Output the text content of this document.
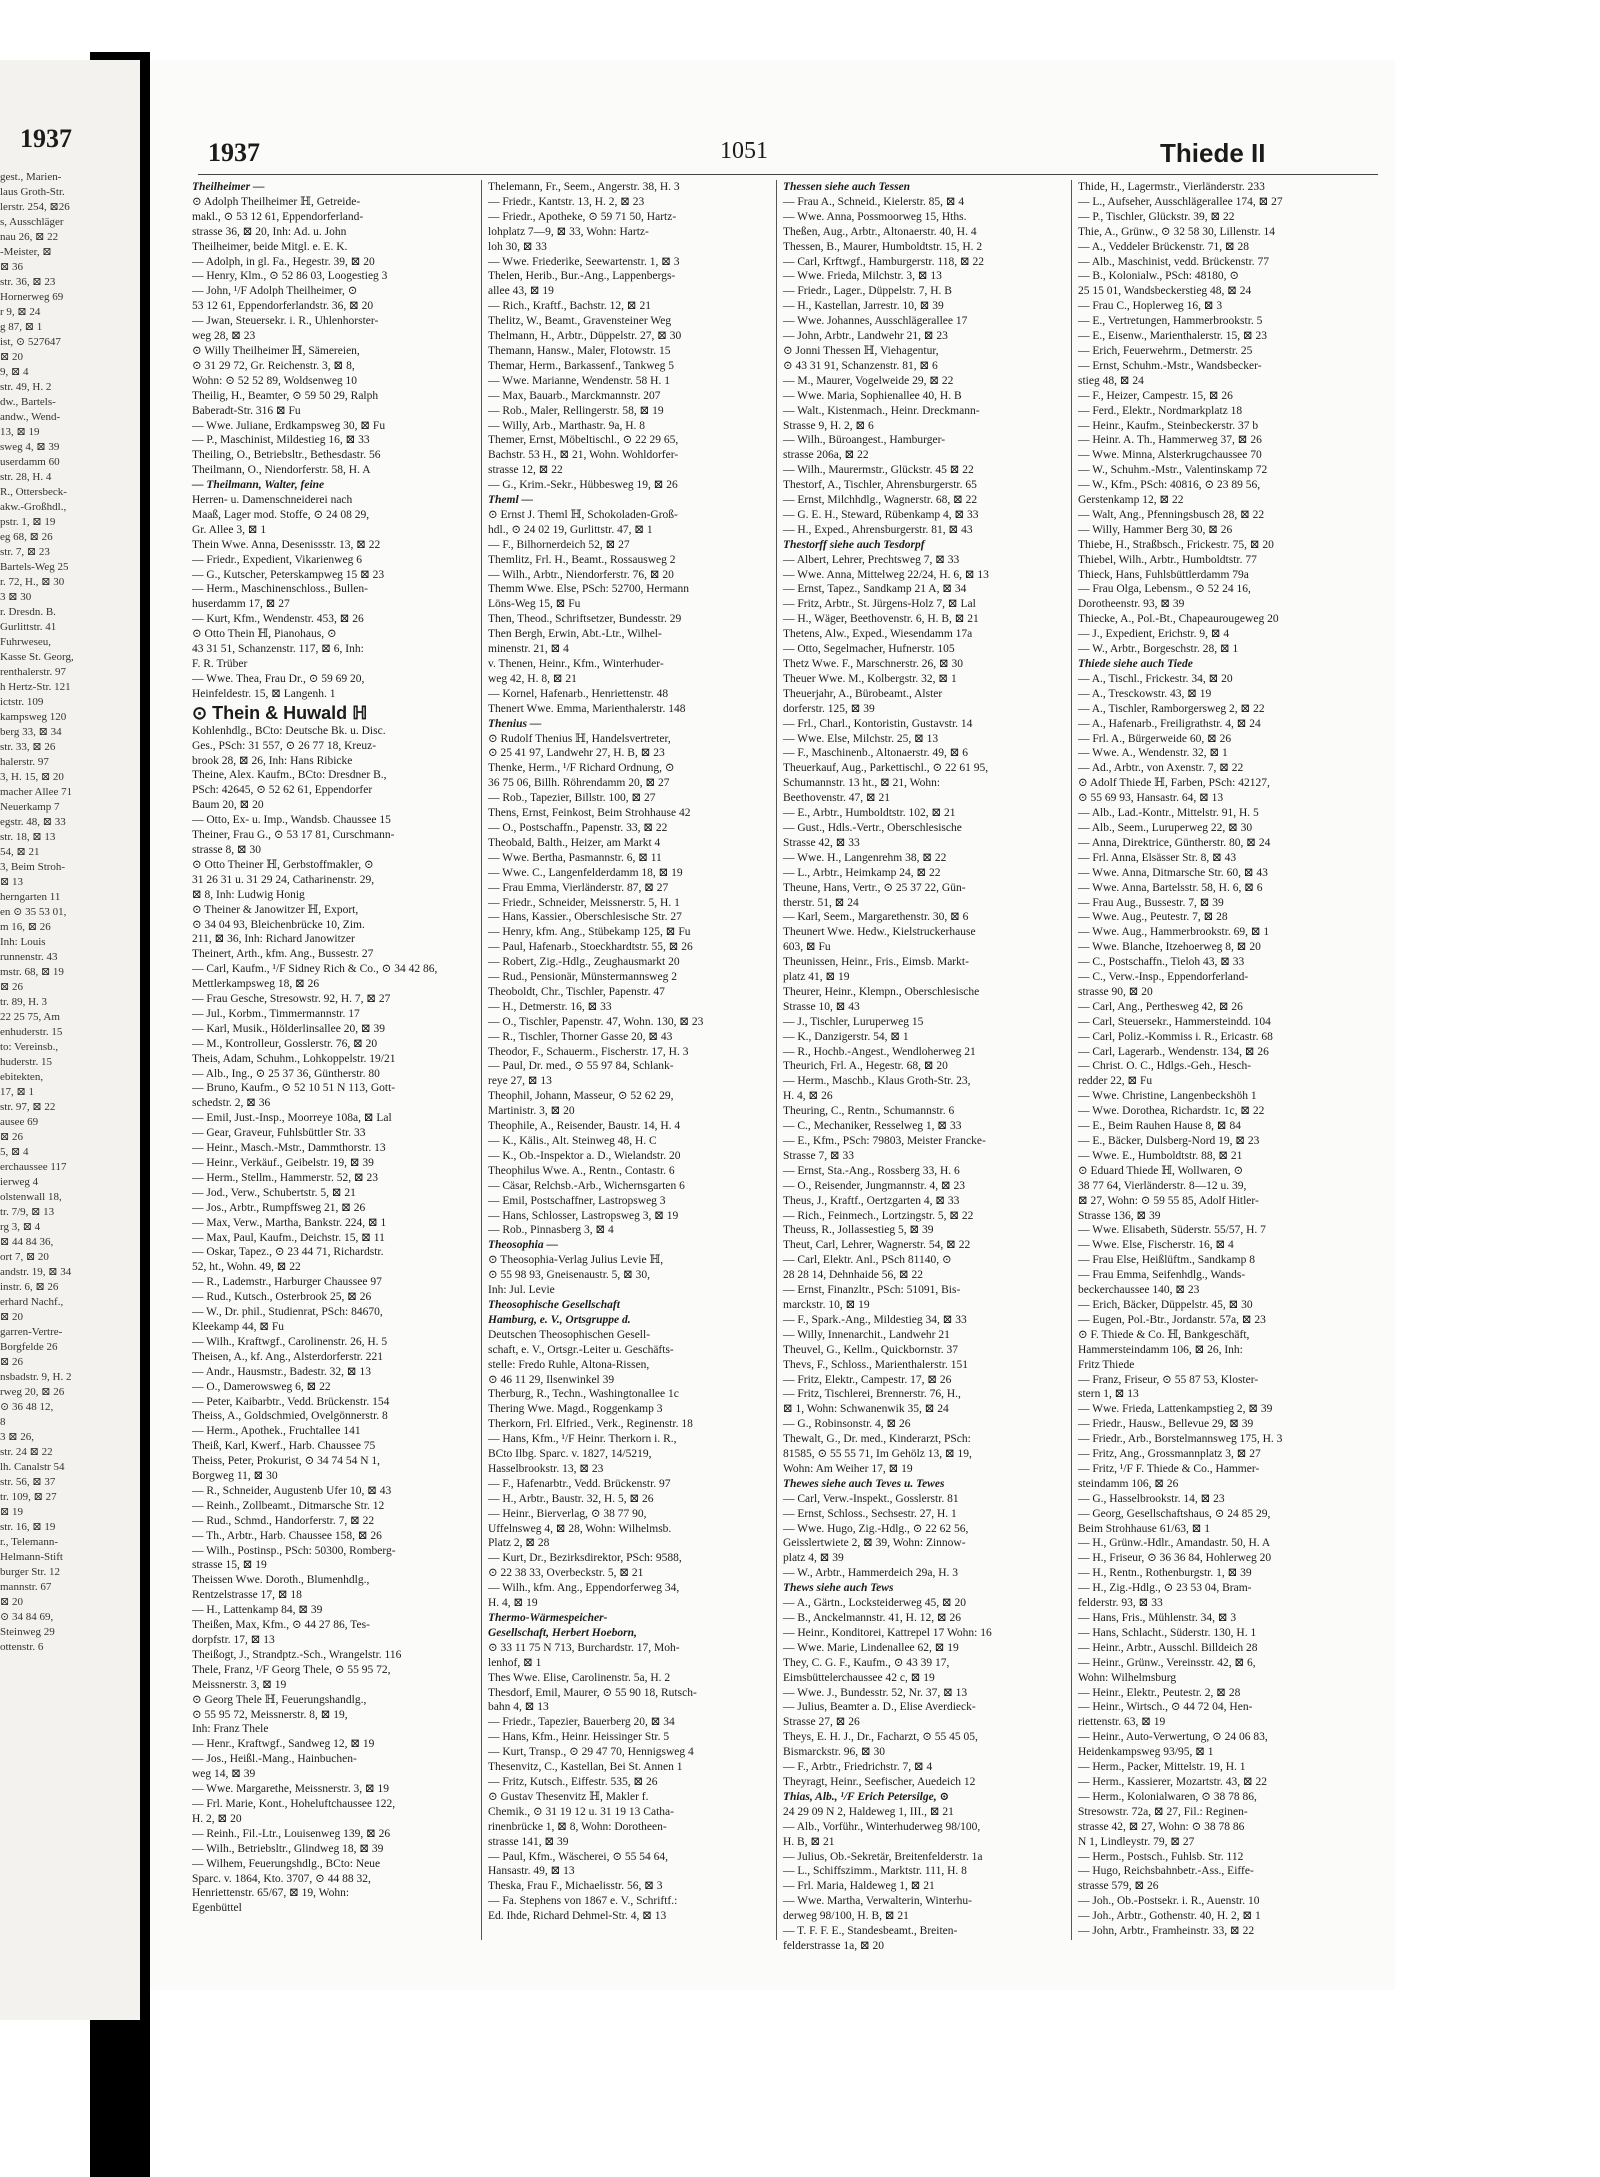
1937
gest., Marien-
laus Groth-Str.
lerstr. 254, ⊠26
s, Ausschläger
nau 26, ⊠ 22
-Meister, ⊠
⊠ 36
str. 36, ⊠ 23
Hornerweg 69
r 9, ⊠ 24
g 87, ⊠ 1
ist, ⊙ 527647
⊠ 20
9, ⊠ 4
str. 49, H. 2
dw., Bartels-
andw., Wend-
13, ⊠ 19
sweg 4, ⊠ 39
userdamm 60
str. 28, H. 4
R., Ottersbeck-
akw.-Großhdl.,
pstr. 1, ⊠ 19
eg 68, ⊠ 26
str. 7, ⊠ 23
Bartels-Weg 25
r. 72, H., ⊠ 30
3 ⊠ 30
r. Dresdn. B.
Gurlittstr. 41
Fuhrweseu,
Kasse St. Georg,
renthalerstr. 97
h Hertz-Str. 121
ictstr. 109
kampsweg 120
berg 33, ⊠ 34
str. 33, ⊠ 26
halerstr. 97
3, H. 15, ⊠ 20
macher Allee 71
Neuerkamp 7
egstr. 48, ⊠ 33
str. 18, ⊠ 13
54, ⊠ 21
3, Beim Stroh-
⊠ 13
herngarten 11
en ⊙ 35 53 01,
m 16, ⊠ 26
Inh: Louis
runnenstr. 43
mstr. 68, ⊠ 19
⊠ 26
tr. 89, H. 3
22 25 75, Am
enhuderstr. 15
to: Vereinsb.,
huderstr. 15
ebitekten,
17, ⊠ 1
str. 97, ⊠ 22
ausee 69
⊠ 26
5, ⊠ 4
erchaussee 117
ierweg 4
olstenwall 18,
tr. 7/9, ⊠ 13
rg 3, ⊠ 4
⊠ 44 84 36,
ort 7, ⊠ 20
andstr. 19, ⊠ 34
instr. 6, ⊠ 26
erhard Nachf.,
⊠ 20
garren-Vertre-
Borgfelde 26
⊠ 26
nsbadstr. 9, H. 2
rweg 20, ⊠ 26
⊙ 36 48 12,
8
3 ⊠ 26,
str. 24 ⊠ 22
lh. Canalstr 54
str. 56, ⊠ 37
tr. 109, ⊠ 27
⊠ 19
str. 16, ⊠ 19
r., Telemann-
Helmann-Stift
burger Str. 12
mannstr. 67
⊠ 20
⊙ 34 84 69,
Steinweg 29
ottenstr. 6
1937	1051	Thiede II
Theilheimer —
⊙ Adolph Theilheimer ℍ, Getreide-
makl., ⊙ 53 12 61, Eppendorferland-
strasse 36, ⊠ 20, Inh: Ad. u. John
Theilheimer, beide Mitgl. e. E. K.
— Adolph, in gl. Fa., Hegestr. 39, ⊠ 20
— Henry, Klm., ⊙ 52 86 03, Loogestieg 3
— John, ¹/F Adolph Theilheimer, ⊙
53 12 61, Eppendorferlandstr. 36, ⊠ 20
— Jwan, Steuersekr. i. R., Uhlenhorster-
weg 28, ⊠ 23
⊙ Willy Theilheimer ℍ, Sämereien,
⊙ 31 29 72, Gr. Reichenstr. 3, ⊠ 8,
Wohn: ⊙ 52 52 89, Woldsenweg 10
Theilig, H., Beamter, ⊙ 59 50 29, Ralph
Baberadt-Str. 316 ⊠ Fu
— Wwe. Juliane, Erdkampsweg 30, ⊠ Fu
— P., Maschinist, Mildestieg 16, ⊠ 33
Theiling, O., Betriebsltr., Bethesdastr. 56
Theilmann, O., Niendorferstr. 58, H. A
— Theilmann, Walter, feine
Herren- u. Damenschneiderei nach
Maaß, Lager mod. Stoffe, ⊙ 24 08 29,
Gr. Allee 3, ⊠ 1
Thein Wwe. Anna, Desenissstr. 13, ⊠ 22
— Friedr., Expedient, Vikarienweg 6
— G., Kutscher, Peterskampweg 15 ⊠ 23
— Herm., Maschinenschloss., Bullen-
huserdamm 17, ⊠ 27
— Kurt, Kfm., Wendenstr. 453, ⊠ 26
⊙ Otto Thein ℍ, Pianohaus, ⊙
43 31 51, Schanzenstr. 117, ⊠ 6, Inh:
F. R. Trüber
— Wwe. Thea, Frau Dr., ⊙ 59 69 20,
Heinfeldestr. 15, ⊠ Langenh. 1
⊙ Thein & Huwald ℍ
Kohlenhdlg., BCto: Deutsche Bk. u. Disc.
Ges., PSch: 31 557, ⊙ 26 77 18, Kreuz-
brook 28, ⊠ 26, Inh: Hans Ribicke
Theine, Alex. Kaufm., BCto: Dresdner B.,
PSch: 42645, ⊙ 52 62 61, Eppendorfer
Baum 20, ⊠ 20
— Otto, Ex- u. Imp., Wandsb. Chaussee 15
Theiner, Frau G., ⊙ 53 17 81, Curschmann-
strasse 8, ⊠ 30
⊙ Otto Theiner ℍ, Gerbstoffmakler, ⊙
31 26 31 u. 31 29 24, Catharinenstr. 29,
⊠ 8, Inh: Ludwig Honig
⊙ Theiner & Janowitzer ℍ, Export,
⊙ 34 04 93, Bleichenbrücke 10, Zim.
211, ⊠ 36, Inh: Richard Janowitzer
Theinert, Arth., kfm. Ang., Bussestr. 27
— Carl, Kaufm., ¹/F Sidney Rich & Co., ⊙ 34 42 86,
Mettlerkampsweg 18, ⊠ 26
— Frau Gesche, Stresowstr. 92, H. 7, ⊠ 27
— Jul., Korbm., Timmermannstr. 17
— Karl, Musik., Hölderlinsallee 20, ⊠ 39
— M., Kontrolleur, Gosslerstr. 76, ⊠ 20
Theis, Adam, Schuhm., Lohkoppelstr. 19/21
— Alb., Ing., ⊙ 25 37 36, Güntherstr. 80
— Bruno, Kaufm., ⊙ 52 10 51 N 113, Gott-
schedstr. 2, ⊠ 36
— Emil, Just.-Insp., Moorreye 108a, ⊠ Lal
— Gear, Graveur, Fuhlsbüttler Str. 33
— Heinr., Masch.-Mstr., Dammthorstr. 13
— Heinr., Verkäuf., Geibelstr. 19, ⊠ 39
— Herm., Stellm., Hammerstr. 52, ⊠ 23
— Jod., Verw., Schubertstr. 5, ⊠ 21
— Jos., Arbtr., Rumpffsweg 21, ⊠ 26
— Max, Verw., Martha, Bankstr. 224, ⊠ 1
— Max, Paul, Kaufm., Deichstr. 15, ⊠ 11
— Oskar, Tapez., ⊙ 23 44 71, Richardstr.
52, ht., Wohn. 49, ⊠ 22
— R., Lademstr., Harburger Chaussee 97
— Rud., Kutsch., Osterbrook 25, ⊠ 26
— W., Dr. phil., Studienrat, PSch: 84670,
Kleekamp 44, ⊠ Fu
— Wilh., Kraftwgf., Carolinenstr. 26, H. 5
Theisen, A., kf. Ang., Alsterdorferstr. 221
— Andr., Hausmstr., Badestr. 32, ⊠ 13
— O., Damerowsweg 6, ⊠ 22
— Peter, Kaibarbtr., Vedd. Brückenstr. 154
Theiss, A., Goldschmied, Ovelgönnerstr. 8
— Herm., Apothek., Fruchtallee 141
Theiß, Karl, Kwerf., Harb. Chaussee 75
Theiss, Peter, Prokurist, ⊙ 34 74 54 N 1,
Borgweg 11, ⊠ 30
— R., Schneider, Augustenb Ufer 10, ⊠ 43
— Reinh., Zollbeamt., Ditmarsche Str. 12
— Rud., Schmd., Handorferstr. 7, ⊠ 22
— Th., Arbtr., Harb. Chaussee 158, ⊠ 26
— Wilh., Postinsp., PSch: 50300, Romberg-
strasse 15, ⊠ 19
Theissen Wwe. Doroth., Blumenhdlg.,
Rentzelstrasse 17, ⊠ 18
— H., Lattenkamp 84, ⊠ 39
Theißen, Max, Kfm., ⊙ 44 27 86, Tes-
dorpfstr. 17, ⊠ 13
Theißogt, J., Strandptz.-Sch., Wrangelstr. 116
Thele, Franz, ¹/F Georg Thele, ⊙ 55 95 72,
Meissnerstr. 3, ⊠ 19
⊙ Georg Thele ℍ, Feuerungshandlg.,
⊙ 55 95 72, Meissnerstr. 8, ⊠ 19,
Inh: Franz Thele
— Henr., Kraftwgf., Sandweg 12, ⊠ 19
— Jos., Heißl.-Mang., Hainbuchen-
weg 14, ⊠ 39
— Wwe. Margarethe, Meissnerstr. 3, ⊠ 19
— Frl. Marie, Kont., Hoheluftchaussee 122,
H. 2, ⊠ 20
— Reinh., Fil.-Ltr., Louisenweg 139, ⊠ 26
— Wilh., Betriebsltr., Glindweg 18, ⊠ 39
— Wilhem, Feuerungshdlg., BCto: Neue
Sparc. v. 1864, Kto. 3707, ⊙ 44 88 32,
Henriettenstr. 65/67, ⊠ 19, Wohn:
Egenbüttel
Thelemann, Fr., Seem., Angerstr. 38, H. 3
— Friedr., Kantstr. 13, H. 2, ⊠ 23
— Friedr., Apotheke, ⊙ 59 71 50, Hartz-
lohplatz 7—9, ⊠ 33, Wohn: Hartz-
loh 30, ⊠ 33
— Wwe. Friederike, Seewartenstr. 1, ⊠ 3
Thelen, Herib., Bur.-Ang., Lappenbergs-
allee 43, ⊠ 19
— Rich., Kraftf., Bachstr. 12, ⊠ 21
Thelitz, W., Beamt., Gravensteiner Weg
Thelmann, H., Arbtr., Düppelstr. 27, ⊠ 30
Themann, Hansw., Maler, Flotowstr. 15
Themar, Herm., Barkassenf., Tankweg 5
— Wwe. Marianne, Wendenstr. 58 H. 1
— Max, Bauarb., Marckmannstr. 207
— Rob., Maler, Rellingerstr. 58, ⊠ 19
— Willy, Arb., Marthastr. 9a, H. 8
Themer, Ernst, Möbeltischl., ⊙ 22 29 65,
Bachstr. 53 H., ⊠ 21, Wohn. Wohldorfer-
strasse 12, ⊠ 22
— G., Krim.-Sekr., Hübbesweg 19, ⊠ 26
Theml —
⊙ Ernst J. Theml ℍ, Schokoladen-Groß-
hdl., ⊙ 24 02 19, Gurlittstr. 47, ⊠ 1
— F., Bilhornerdeich 52, ⊠ 27
Themlitz, Frl. H., Beamt., Rossausweg 2
— Wilh., Arbtr., Niendorferstr. 76, ⊠ 20
Themm Wwe. Else, PSch: 52700, Hermann
Löns-Weg 15, ⊠ Fu
Then, Theod., Schriftsetzer, Bundesstr. 29
Then Bergh, Erwin, Abt.-Ltr., Wilhel-
minenstr. 21, ⊠ 4
v. Thenen, Heinr., Kfm., Winterhuder-
weg 42, H. 8, ⊠ 21
— Kornel, Hafenarb., Henriettenstr. 48
Thenert Wwe. Emma, Marienthalerstr. 148
Thenius —
⊙ Rudolf Thenius ℍ, Handelsvertreter,
⊙ 25 41 97, Landwehr 27, H. B, ⊠ 23
Thenke, Herm., ¹/F Richard Ordnung, ⊙
36 75 06, Billh. Röhrendamm 20, ⊠ 27
— Rob., Tapezier, Billstr. 100, ⊠ 27
Thens, Ernst, Feinkost, Beim Strohhause 42
— O., Postschaffn., Papenstr. 33, ⊠ 22
Theobald, Balth., Heizer, am Markt 4
— Wwe. Bertha, Pasmannstr. 6, ⊠ 11
— Wwe. C., Langenfelderdamm 18, ⊠ 19
— Frau Emma, Vierländerstr. 87, ⊠ 27
— Friedr., Schneider, Meissnerstr. 5, H. 1
— Hans, Kassier., Oberschlesische Str. 27
— Henry, kfm. Ang., Stübekamp 125, ⊠ Fu
— Paul, Hafenarb., Stoeckhardtstr. 55, ⊠ 26
— Robert, Zig.-Hdlg., Zeughausmarkt 20
— Rud., Pensionär, Münstermannsweg 2
Theoboldt, Chr., Tischler, Papenstr. 47
— H., Detmerstr. 16, ⊠ 33
— O., Tischler, Papenstr. 47, Wohn. 130, ⊠ 23
— R., Tischler, Thorner Gasse 20, ⊠ 43
Theodor, F., Schauerm., Fischerstr. 17, H. 3
— Paul, Dr. med., ⊙ 55 97 84, Schlank-
reye 27, ⊠ 13
Theophil, Johann, Masseur, ⊙ 52 62 29,
Martinistr. 3, ⊠ 20
Theophile, A., Reisender, Baustr. 14, H. 4
— K., Kälis., Alt. Steinweg 48, H. C
— K., Ob.-Inspektor a. D., Wielandstr. 20
Theophilus Wwe. A., Rentn., Contastr. 6
— Cäsar, Relchsb.-Arb., Wichernsgarten 6
— Emil, Postschaffner, Lastropsweg 3
— Hans, Schlosser, Lastropsweg 3, ⊠ 19
— Rob., Pinnasberg 3, ⊠ 4
Theosophia —
⊙ Theosophia-Verlag Julius Levie ℍ,
⊙ 55 98 93, Gneisenaustr. 5, ⊠ 30,
Inh: Jul. Levie
Theosophische Gesellschaft
Hamburg, e. V., Ortsgruppe d.
Deutschen Theosophischen Gesell-
schaft, e. V., Ortsgr.-Leiter u. Geschäfts-
stelle: Fredo Ruhle, Altona-Rissen,
⊙ 46 11 29, Ilsenwinkel 39
Therburg, R., Techn., Washingtonallee 1c
Thering Wwe. Magd., Roggenkamp 3
Therkorn, Frl. Elfried., Verk., Reginenstr. 18
— Hans, Kfm., ¹/F Heinr. Therkorn i. R.,
BCto Ilbg. Sparc. v. 1827, 14/5219,
Hasselbrookstr. 13, ⊠ 23
— F., Hafenarbtr., Vedd. Brückenstr. 97
— H., Arbtr., Baustr. 32, H. 5, ⊠ 26
— Heinr., Bierverlag, ⊙ 38 77 90,
Uffelnsweg 4, ⊠ 28, Wohn: Wilhelmsb.
Platz 2, ⊠ 28
— Kurt, Dr., Bezirksdirektor, PSch: 9588,
⊙ 22 38 33, Overbeckstr. 5, ⊠ 21
— Wilh., kfm. Ang., Eppendorferweg 34,
H. 4, ⊠ 19
Thermo-Wärmespeicher-
Gesellschaft, Herbert Hoeborn,
⊙ 33 11 75 N 713, Burchardstr. 17, Moh-
lenhof, ⊠ 1
Thes Wwe. Elise, Carolinenstr. 5a, H. 2
Thesdorf, Emil, Maurer, ⊙ 55 90 18, Rutsch-
bahn 4, ⊠ 13
— Friedr., Tapezier, Bauerberg 20, ⊠ 34
— Hans, Kfm., Heinr. Heissinger Str. 5
— Kurt, Transp., ⊙ 29 47 70, Hennigsweg 4
Thesenvitz, C., Kastellan, Bei St. Annen 1
— Fritz, Kutsch., Eiffestr. 535, ⊠ 26
⊙ Gustav Thesenvitz ℍ, Makler f.
Chemik., ⊙ 31 19 12 u. 31 19 13 Catha-
rinenbrücke 1, ⊠ 8, Wohn: Dorotheen-
strasse 141, ⊠ 39
— Paul, Kfm., Wäscherei, ⊙ 55 54 64,
Hansastr. 49, ⊠ 13
Theska, Frau F., Michaelisstr. 56, ⊠ 3
— Fa. Stephens von 1867 e. V., Schriftf.:
Ed. Ihde, Richard Dehmel-Str. 4, ⊠ 13
Thessen siehe auch Tessen
— Frau A., Schneid., Kielerstr. 85, ⊠ 4
— Wwe. Anna, Possmoorweg 15, Hths.
Theßen, Aug., Arbtr., Altonaerstr. 40, H. 4
Thessen, B., Maurer, Humboldtstr. 15, H. 2
— Carl, Krftwgf., Hamburgerstr. 118, ⊠ 22
— Wwe. Frieda, Milchstr. 3, ⊠ 13
— Friedr., Lager., Düppelstr. 7, H. B
— H., Kastellan, Jarrestr. 10, ⊠ 39
— Wwe. Johannes, Ausschlägerallee 17
— John, Arbtr., Landwehr 21, ⊠ 23
⊙ Jonni Thessen ℍ, Viehagentur,
⊙ 43 31 91, Schanzenstr. 81, ⊠ 6
— M., Maurer, Vogelweide 29, ⊠ 22
— Wwe. Maria, Sophienallee 40, H. B
— Walt., Kistenmach., Heinr. Dreckmann-
Strasse 9, H. 2, ⊠ 6
— Wilh., Büroangest., Hamburger-
strasse 206a, ⊠ 22
— Wilh., Maurermstr., Glückstr. 45 ⊠ 22
Thestorf, A., Tischler, Ahrensburgerstr. 65
— Ernst, Milchhdlg., Wagnerstr. 68, ⊠ 22
— G. E. H., Steward, Rübenkamp 4, ⊠ 33
— H., Exped., Ahrensburgerstr. 81, ⊠ 43
Thestorff siehe auch Tesdorpf
— Albert, Lehrer, Prechtsweg 7, ⊠ 33
— Wwe. Anna, Mittelweg 22/24, H. 6, ⊠ 13
— Ernst, Tapez., Sandkamp 21 A, ⊠ 34
— Fritz, Arbtr., St. Jürgens-Holz 7, ⊠ Lal
— H., Wäger, Beethovenstr. 6, H. B, ⊠ 21
Thetens, Alw., Exped., Wiesendamm 17a
— Otto, Segelmacher, Hufnerstr. 105
Thetz Wwe. F., Marschnerstr. 26, ⊠ 30
Theuer Wwe. M., Kolbergstr. 32, ⊠ 1
Theuerjahr, A., Bürobeamt., Alster
dorferstr. 125, ⊠ 39
— Frl., Charl., Kontoristin, Gustavstr. 14
— Wwe. Else, Milchstr. 25, ⊠ 13
— F., Maschinenb., Altonaerstr. 49, ⊠ 6
Theuerkauf, Aug., Parkettischl., ⊙ 22 61 95,
Schumannstr. 13 ht., ⊠ 21, Wohn:
Beethovenstr. 47, ⊠ 21
— E., Arbtr., Humboldtstr. 102, ⊠ 21
— Gust., Hdls.-Vertr., Oberschlesische
Strasse 42, ⊠ 33
— Wwe. H., Langenrehm 38, ⊠ 22
— L., Arbtr., Heimkamp 24, ⊠ 22
Theune, Hans, Vertr., ⊙ 25 37 22, Gün-
therstr. 51, ⊠ 24
— Karl, Seem., Margarethenstr. 30, ⊠ 6
Theunert Wwe. Hedw., Kielstruckerhause
603, ⊠ Fu
Theunissen, Heinr., Fris., Eimsb. Markt-
platz 41, ⊠ 19
Theurer, Heinr., Klempn., Oberschlesische
Strasse 10, ⊠ 43
— J., Tischler, Luruperweg 15
— K., Danzigerstr. 54, ⊠ 1
— R., Hochb.-Angest., Wendloherweg 21
Theurich, Frl. A., Hegestr. 68, ⊠ 20
— Herm., Maschb., Klaus Groth-Str. 23,
H. 4, ⊠ 26
Theuring, C., Rentn., Schumannstr. 6
— C., Mechaniker, Resselweg 1, ⊠ 33
— E., Kfm., PSch: 79803, Meister Francke-
Strasse 7, ⊠ 33
— Ernst, Sta.-Ang., Rossberg 33, H. 6
— O., Reisender, Jungmannstr. 4, ⊠ 23
Theus, J., Kraftf., Oertzgarten 4, ⊠ 33
— Rich., Feinmech., Lortzingstr. 5, ⊠ 22
Theuss, R., Jollassestieg 5, ⊠ 39
Theut, Carl, Lehrer, Wagnerstr. 54, ⊠ 22
— Carl, Elektr. Anl., PSch 81140, ⊙
28 28 14, Dehnhaide 56, ⊠ 22
— Ernst, Finanzltr., PSch: 51091, Bis-
marckstr. 10, ⊠ 19
— F., Spark.-Ang., Mildestieg 34, ⊠ 33
— Willy, Innenarchit., Landwehr 21
Theuvel, G., Kellm., Quickbornstr. 37
Thevs, F., Schloss., Marienthalerstr. 151
— Fritz, Elektr., Campestr. 17, ⊠ 26
— Fritz, Tischlerei, Brennerstr. 76, H.,
⊠ 1, Wohn: Schwanenwik 35, ⊠ 24
— G., Robinsonstr. 4, ⊠ 26
Thewalt, G., Dr. med., Kinderarzt, PSch:
81585, ⊙ 55 55 71, Im Gehölz 13, ⊠ 19,
Wohn: Am Weiher 17, ⊠ 19
Thewes siehe auch Teves u. Tewes
— Carl, Verw.-Inspekt., Gosslerstr. 81
— Ernst, Schloss., Sechsestr. 27, H. 1
— Wwe. Hugo, Zig.-Hdlg., ⊙ 22 62 56,
Geisslertwiete 2, ⊠ 39, Wohn: Zinnow-
platz 4, ⊠ 39
— W., Arbtr., Hammerdeich 29a, H. 3
Thews siehe auch Tews
— A., Gärtn., Locksteiderweg 45, ⊠ 20
— B., Anckelmannstr. 41, H. 12, ⊠ 26
— Heinr., Konditorei, Kattrepel 17 Wohn: 16
— Wwe. Marie, Lindenallee 62, ⊠ 19
They, C. G. F., Kaufm., ⊙ 43 39 17,
Eimsbüttelerchaussee 42 c, ⊠ 19
— Wwe. J., Bundesstr. 52, Nr. 37, ⊠ 13
— Julius, Beamter a. D., Elise Averdieck-
Strasse 27, ⊠ 26
Theys, E. H. J., Dr., Facharzt, ⊙ 55 45 05,
Bismarckstr. 96, ⊠ 30
— F., Arbtr., Friedrichstr. 7, ⊠ 4
Theyragt, Heinr., Seefischer, Auedeich 12
Thias, Alb., ¹/F Erich Petersilge, ⊙
24 29 09 N 2, Haldeweg 1, III., ⊠ 21
— Alb., Vorführ., Winterhuderweg 98/100,
H. B, ⊠ 21
— Julius, Ob.-Sekretär, Breitenfelderstr. 1a
— L., Schiffszimm., Marktstr. 111, H. 8
— Frl. Maria, Haldeweg 1, ⊠ 21
— Wwe. Martha, Verwalterin, Winterhu-
derweg 98/100, H. B, ⊠ 21
— T. F. F. E., Standesbeamt., Breiten-
felderstrasse 1a, ⊠ 20
Thide, H., Lagermstr., Vierländerstr. 233
— L., Aufseher, Ausschlägerallee 174, ⊠ 27
— P., Tischler, Glückstr. 39, ⊠ 22
Thie, A., Grünw., ⊙ 32 58 30, Lillenstr. 14
— A., Veddeler Brückenstr. 71, ⊠ 28
— Alb., Maschinist, vedd. Brückenstr. 77
— B., Kolonialw., PSch: 48180, ⊙
25 15 01, Wandsbeckerstieg 48, ⊠ 24
— Frau C., Hoplerweg 16, ⊠ 3
— E., Vertretungen, Hammerbrookstr. 5
— E., Eisenw., Marienthalerstr. 15, ⊠ 23
— Erich, Feuerwehrm., Detmerstr. 25
— Ernst, Schuhm.-Mstr., Wandsbecker-
stieg 48, ⊠ 24
— F., Heizer, Campestr. 15, ⊠ 26
— Ferd., Elektr., Nordmarkplatz 18
— Heinr., Kaufm., Steinbeckerstr. 37 b
— Heinr. A. Th., Hammerweg 37, ⊠ 26
— Wwe. Minna, Alsterkrugchaussee 70
— W., Schuhm.-Mstr., Valentinskamp 72
— W., Kfm., PSch: 40816, ⊙ 23 89 56,
Gerstenkamp 12, ⊠ 22
— Walt, Ang., Pfenningsbusch 28, ⊠ 22
— Willy, Hammer Berg 30, ⊠ 26
Thiebe, H., Straßbsch., Frickestr. 75, ⊠ 20
Thiebel, Wilh., Arbtr., Humboldtstr. 77
Thieck, Hans, Fuhlsbüttlerdamm 79a
— Frau Olga, Lebensm., ⊙ 52 24 16,
Dorotheenstr. 93, ⊠ 39
Thiecke, A., Pol.-Bt., Chapeaurougeweg 20
— J., Expedient, Erichstr. 9, ⊠ 4
— W., Arbtr., Borgeschstr. 28, ⊠ 1
Thiede siehe auch Tiede
— A., Tischl., Frickestr. 34, ⊠ 20
— A., Tresckowstr. 43, ⊠ 19
— A., Tischler, Ramborgersweg 2, ⊠ 22
— A., Hafenarb., Freiligrathstr. 4, ⊠ 24
— Frl. A., Bürgerweide 60, ⊠ 26
— Wwe. A., Wendenstr. 32, ⊠ 1
— Ad., Arbtr., von Axenstr. 7, ⊠ 22
⊙ Adolf Thiede ℍ, Farben, PSch: 42127,
⊙ 55 69 93, Hansastr. 64, ⊠ 13
— Alb., Lad.-Kontr., Mittelstr. 91, H. 5
— Alb., Seem., Luruperweg 22, ⊠ 30
— Anna, Direktrice, Güntherstr. 80, ⊠ 24
— Frl. Anna, Elsässer Str. 8, ⊠ 43
— Wwe. Anna, Ditmarsche Str. 60, ⊠ 43
— Wwe. Anna, Bartelsstr. 58, H. 6, ⊠ 6
— Frau Aug., Bussestr. 7, ⊠ 39
— Wwe. Aug., Peutestr. 7, ⊠ 28
— Wwe. Aug., Hammerbrookstr. 69, ⊠ 1
— Wwe. Blanche, Itzehoerweg 8, ⊠ 20
— C., Postschaffn., Tieloh 43, ⊠ 33
— C., Verw.-Insp., Eppendorferland-
strasse 90, ⊠ 20
— Carl, Ang., Perthesweg 42, ⊠ 26
— Carl, Steuersekr., Hammersteindd. 104
— Carl, Poliz.-Kommiss i. R., Ericastr. 68
— Carl, Lagerarb., Wendenstr. 134, ⊠ 26
— Christ. O. C., Hdlgs.-Geh., Hesch-
redder 22, ⊠ Fu
— Wwe. Christine, Langenbeckshöh 1
— Wwe. Dorothea, Richardstr. 1c, ⊠ 22
— E., Beim Rauhen Hause 8, ⊠ 84
— E., Bäcker, Dulsberg-Nord 19, ⊠ 23
— Wwe. E., Humboldtstr. 88, ⊠ 21
⊙ Eduard Thiede ℍ, Wollwaren, ⊙
38 77 64, Vierländerstr. 8—12 u. 39,
⊠ 27, Wohn: ⊙ 59 55 85, Adolf Hitler-
Strasse 136, ⊠ 39
— Wwe. Elisabeth, Süderstr. 55/57, H. 7
— Wwe. Else, Fischerstr. 16, ⊠ 4
— Frau Else, Heißlüftm., Sandkamp 8
— Frau Emma, Seifenhdlg., Wands-
beckerchaussee 140, ⊠ 23
— Erich, Bäcker, Düppelstr. 45, ⊠ 30
— Eugen, Pol.-Btr., Jordanstr. 57a, ⊠ 23
⊙ F. Thiede & Co. ℍ, Bankgeschäft,
Hammersteindamm 106, ⊠ 26, Inh:
Fritz Thiede
— Franz, Friseur, ⊙ 55 87 53, Kloster-
stern 1, ⊠ 13
— Wwe. Frieda, Lattenkampstieg 2, ⊠ 39
— Friedr., Hausw., Bellevue 29, ⊠ 39
— Friedr., Arb., Borstelmannsweg 175, H. 3
— Fritz, Ang., Grossmannplatz 3, ⊠ 27
— Fritz, ¹/F F. Thiede & Co., Hammer-
steindamm 106, ⊠ 26
— G., Hasselbrookstr. 14, ⊠ 23
— Georg, Gesellschaftshaus, ⊙ 24 85 29,
Beim Strohhause 61/63, ⊠ 1
— H., Grünw.-Hdlr., Amandastr. 50, H. A
— H., Friseur, ⊙ 36 36 84, Hohlerweg 20
— H., Rentn., Rothenburgstr. 1, ⊠ 39
— H., Zig.-Hdlg., ⊙ 23 53 04, Bram-
felderstr. 93, ⊠ 33
— Hans, Fris., Mühlenstr. 34, ⊠ 3
— Hans, Schlacht., Süderstr. 130, H. 1
— Heinr., Arbtr., Ausschl. Billdeich 28
— Heinr., Grünw., Vereinsstr. 42, ⊠ 6,
Wohn: Wilhelmsburg
— Heinr., Elektr., Peutestr. 2, ⊠ 28
— Heinr., Wirtsch., ⊙ 44 72 04, Hen-
riettenstr. 63, ⊠ 19
— Heinr., Auto-Verwertung, ⊙ 24 06 83,
Heidenkampsweg 93/95, ⊠ 1
— Herm., Packer, Mittelstr. 19, H. 1
— Herm., Kassierer, Mozartstr. 43, ⊠ 22
— Herm., Kolonialwaren, ⊙ 38 78 86,
Stresowstr. 72a, ⊠ 27, Fil.: Reginen-
strasse 42, ⊠ 27, Wohn: ⊙ 38 78 86
N 1, Lindleystr. 79, ⊠ 27
— Herm., Postsch., Fuhlsb. Str. 112
— Hugo, Reichsbahnbetr.-Ass., Eiffe-
strasse 579, ⊠ 26
— Joh., Ob.-Postsekr. i. R., Auenstr. 10
— Joh., Arbtr., Gothenstr. 40, H. 2, ⊠ 1
— John, Arbtr., Framheinstr. 33, ⊠ 22
